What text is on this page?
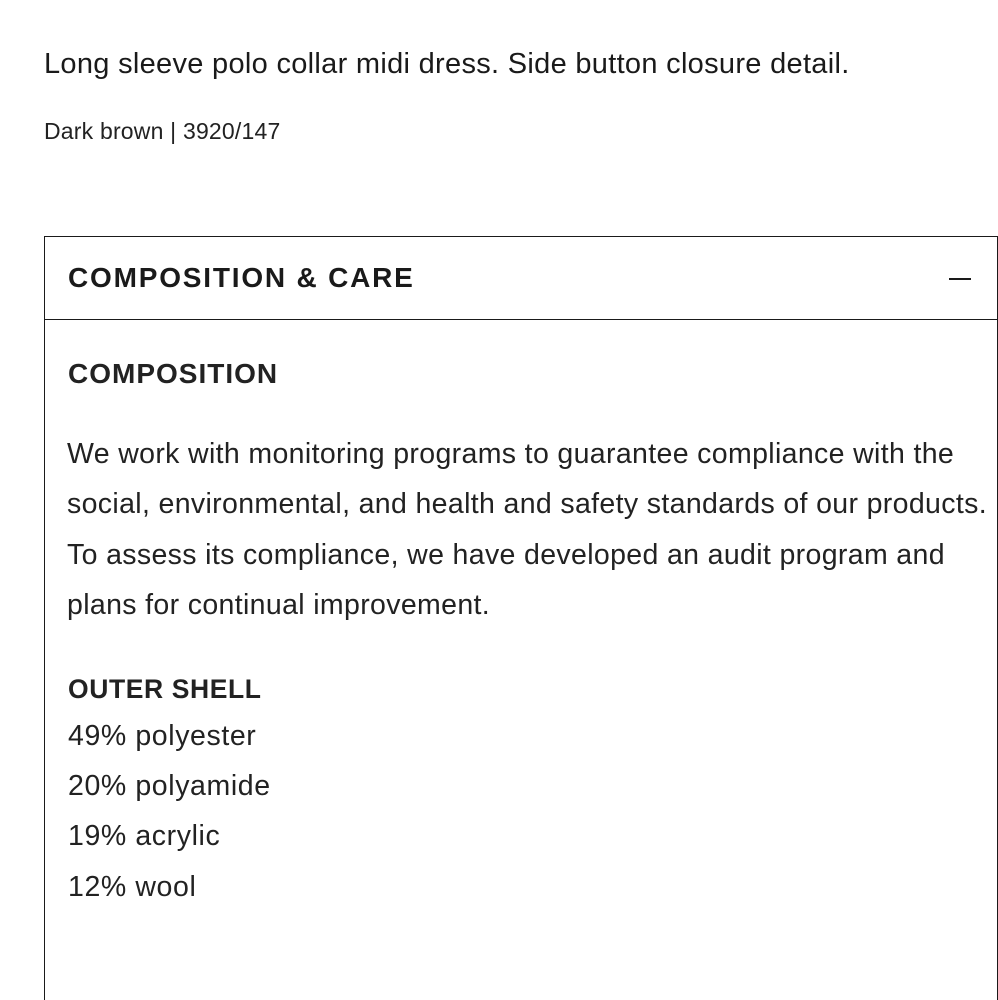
Long sleeve polo collar midi dress. Side button closure detail.

Dark brown | 3920/147

COMPOSITION & CARE
COMPOSITION

We work with monitoring programs to guarantee compliance with the social, environmental, and health and safety standards of our products. To assess its compliance, we have developed an audit program and plans for continual improvement.

OUTER SHELL
49% polyester
20% polyamide
19% acrylic
12% wool
